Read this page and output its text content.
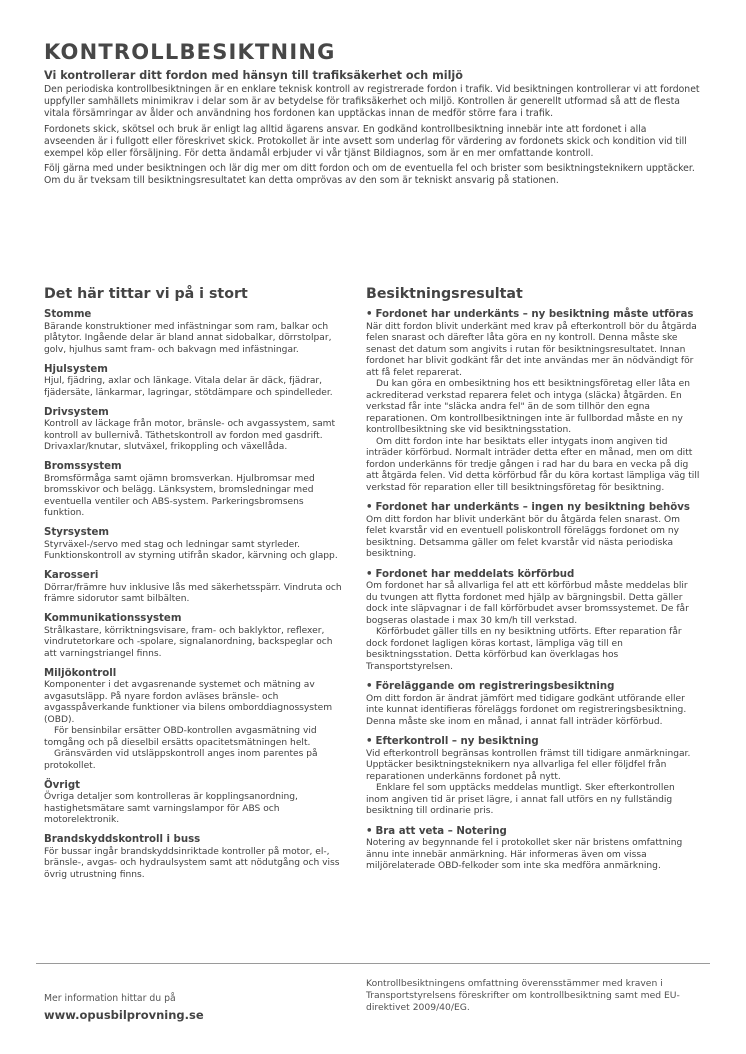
KONTROLLBESIKTNING
Vi kontrollerar ditt fordon med hänsyn till trafiksäkerhet och miljö

Den periodiska kontrollbesiktningen är en enklare teknisk kontroll av registrerade fordon i trafik. Vid besiktningen kontrollerar vi att fordonet uppfyller samhällets minimikrav i delar som är av betydelse för trafiksäkerhet och miljö. Kontrollen är generellt utformad så att de flesta vitala försämringar av ålder och användning hos fordonen kan upptäckas innan de medför större fara i trafik.

Fordonets skick, skötsel och bruk är enligt lag alltid ägarens ansvar. En godkänd kontrollbesiktning innebär inte att fordonet i alla avseenden är i fullgott eller föreskrivet skick. Protokollet är inte avsett som underlag för värdering av fordonets skick och kondition vid till exempel köp eller försäljning. För detta ändamål erbjuder vi vår tjänst Bildiagnos, som är en mer omfattande kontroll.

Följ gärna med under besiktningen och lär dig mer om ditt fordon och om de eventuella fel och brister som besiktningsteknikern upptäcker. Om du är tveksam till besiktningsresultatet kan detta omprövas av den som är tekniskt ansvarig på stationen.

Det här tittar vi på i stort
Stomme

Bärande konstruktioner med infästningar som ram, balkar och plåtytor. Ingående delar är bland annat sidobalkar, dörrstolpar, golv, hjulhus samt fram- och bakvagn med infästningar.

Hjulsystem

Hjul, fjädring, axlar och länkage. Vitala delar är däck, fjädrar, fjädersäte, länkarmar, lagringar, stötdämpare och spindelleder.

Drivsystem

Kontroll av läckage från motor, bränsle- och avgassystem, samt kontroll av bullernivå. Täthetskontroll av fordon med gasdrift. Drivaxlar/knutar, slutväxel, frikoppling och växellåda.

Bromssystem

Bromsförmåga samt ojämn bromsverkan. Hjulbromsar med bromsskivor och belägg. Länksystem, bromsledningar med eventuella ventiler och ABS-system. Parkeringsbromsens funktion.

Styrsystem

Styrväxel-/servo med stag och ledningar samt styrleder. Funktionskontroll av styrning utifrån skador, kärvning och glapp.

Karosseri

Dörrar/främre huv inklusive lås med säkerhetsspärr. Vindruta och främre sidorutor samt bilbälten.

Kommunikationssystem

Strålkastare, körriktningsvisare, fram- och baklyktor, reflexer, vindrutetorkare och -spolare, signalanordning, backspeglar och att varningstriangel finns.

Miljökontroll

Komponenter i det avgasrenande systemet och mätning av avgasutsläpp. På nyare fordon avläses bränsle- och avgasspåverkande funktioner via bilens omborddiagnossystem (OBD).

För bensinbilar ersätter OBD-kontrollen avgasmätning vid tomgång och på dieselbil ersätts opacitetsmätningen helt.

Gränsvärden vid utsläppskontroll anges inom parentes på protokollet.

Övrigt

Övriga detaljer som kontrolleras är kopplingsanordning, hastighetsmätare samt varningslampor för ABS och motorelektronik.

Brandskyddskontroll i buss

För bussar ingår brandskyddsinriktade kontroller på motor, el-, bränsle-, avgas- och hydraulsystem samt att nödutgång och viss övrig utrustning finns.

Besiktningsresultat
• Fordonet har underkänts – ny besiktning måste utföras

När ditt fordon blivit underkänt med krav på efterkontroll bör du åtgärda felen snarast och därefter låta göra en ny kontroll. Denna måste ske senast det datum som angivits i rutan för besiktningsresultatet. Innan fordonet har blivit godkänt får det inte användas mer än nödvändigt för att få felet reparerat.

Du kan göra en ombesiktning hos ett besiktningsföretag eller låta en ackrediterad verkstad reparera felet och intyga (släcka) åtgärden. En verkstad får inte "släcka andra fel" än de som tillhör den egna reparationen. Om kontrollbesiktningen inte är fullbordad måste en ny kontrollbesiktning ske vid besiktningsstation.

Om ditt fordon inte har besiktats eller intygats inom angiven tid inträder körförbud. Normalt inträder detta efter en månad, men om ditt fordon underkänns för tredje gången i rad har du bara en vecka på dig att åtgärda felen. Vid detta körförbud får du köra kortast lämpliga väg till verkstad för reparation eller till besiktningsföretag för besiktning.

• Fordonet har underkänts – ingen ny besiktning behövs

Om ditt fordon har blivit underkänt bör du åtgärda felen snarast. Om felet kvarstår vid en eventuell poliskontroll föreläggs fordonet om ny besiktning. Detsamma gäller om felet kvarstår vid nästa periodiska besiktning.

• Fordonet har meddelats körförbud

Om fordonet har så allvarliga fel att ett körförbud måste meddelas blir du tvungen att flytta fordonet med hjälp av bärgningsbil. Detta gäller dock inte släpvagnar i de fall körförbudet avser bromssystemet. De får bogseras olastade i max 30 km/h till verkstad.

Körförbudet gäller tills en ny besiktning utförts. Efter reparation får dock fordonet lagligen köras kortast, lämpliga väg till en besiktningsstation. Detta körförbud kan överklagas hos Transportstyrelsen.

• Föreläggande om registreringsbesiktning

Om ditt fordon är ändrat jämfört med tidigare godkänt utförande eller inte kunnat identifieras föreläggs fordonet om registreringsbesiktning. Denna måste ske inom en månad, i annat fall inträder körförbud.

• Efterkontroll – ny besiktning

Vid efterkontroll begränsas kontrollen främst till tidigare anmärkningar. Upptäcker besiktningsteknikern nya allvarliga fel eller följdfel från reparationen underkänns fordonet på nytt.

Enklare fel som upptäcks meddelas muntligt. Sker efterkontrollen inom angiven tid är priset lägre, i annat fall utförs en ny fullständig besiktning till ordinarie pris.

• Bra att veta – Notering

Notering av begynnande fel i protokollet sker när bristens omfattning ännu inte innebär anmärkning. Här informeras även om vissa miljörelaterade OBD-felkoder som inte ska medföra anmärkning.

Mer information hittar du på
www.opusbilprovning.se
Kontrollbesiktningens omfattning överensstämmer med kraven i Transportstyrelsens föreskrifter om kontrollbesiktning samt med EU-direktivet 2009/40/EG.
